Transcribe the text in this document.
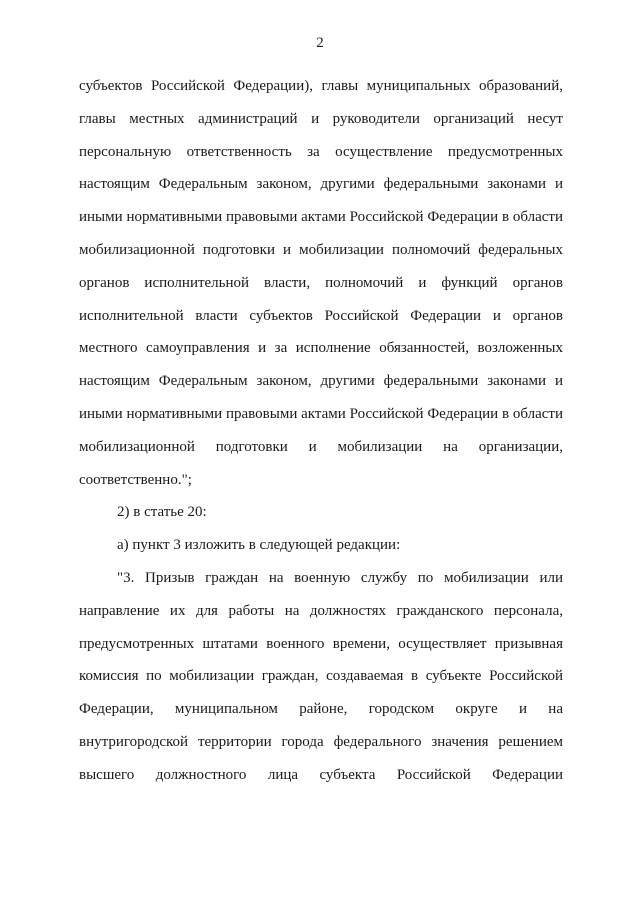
2

субъектов Российской Федерации), главы муниципальных образований, главы местных администраций и руководители организаций несут персональную ответственность за осуществление предусмотренных настоящим Федеральным законом, другими федеральными законами и иными нормативными правовыми актами Российской Федерации в области мобилизационной подготовки и мобилизации полномочий федеральных органов исполнительной власти, полномочий и функций органов исполнительной власти субъектов Российской Федерации и органов местного самоуправления и за исполнение обязанностей, возложенных настоящим Федеральным законом, другими федеральными законами и иными нормативными правовыми актами Российской Федерации в области мобилизационной подготовки и мобилизации на организации, соответственно.";

2) в статье 20:

а) пункт 3 изложить в следующей редакции:

"3. Призыв граждан на военную службу по мобилизации или направление их для работы на должностях гражданского персонала, предусмотренных штатами военного времени, осуществляет призывная комиссия по мобилизации граждан, создаваемая в субъекте Российской Федерации, муниципальном районе, городском округе и на внутригородской территории города федерального значения решением высшего должностного лица субъекта Российской Федерации
